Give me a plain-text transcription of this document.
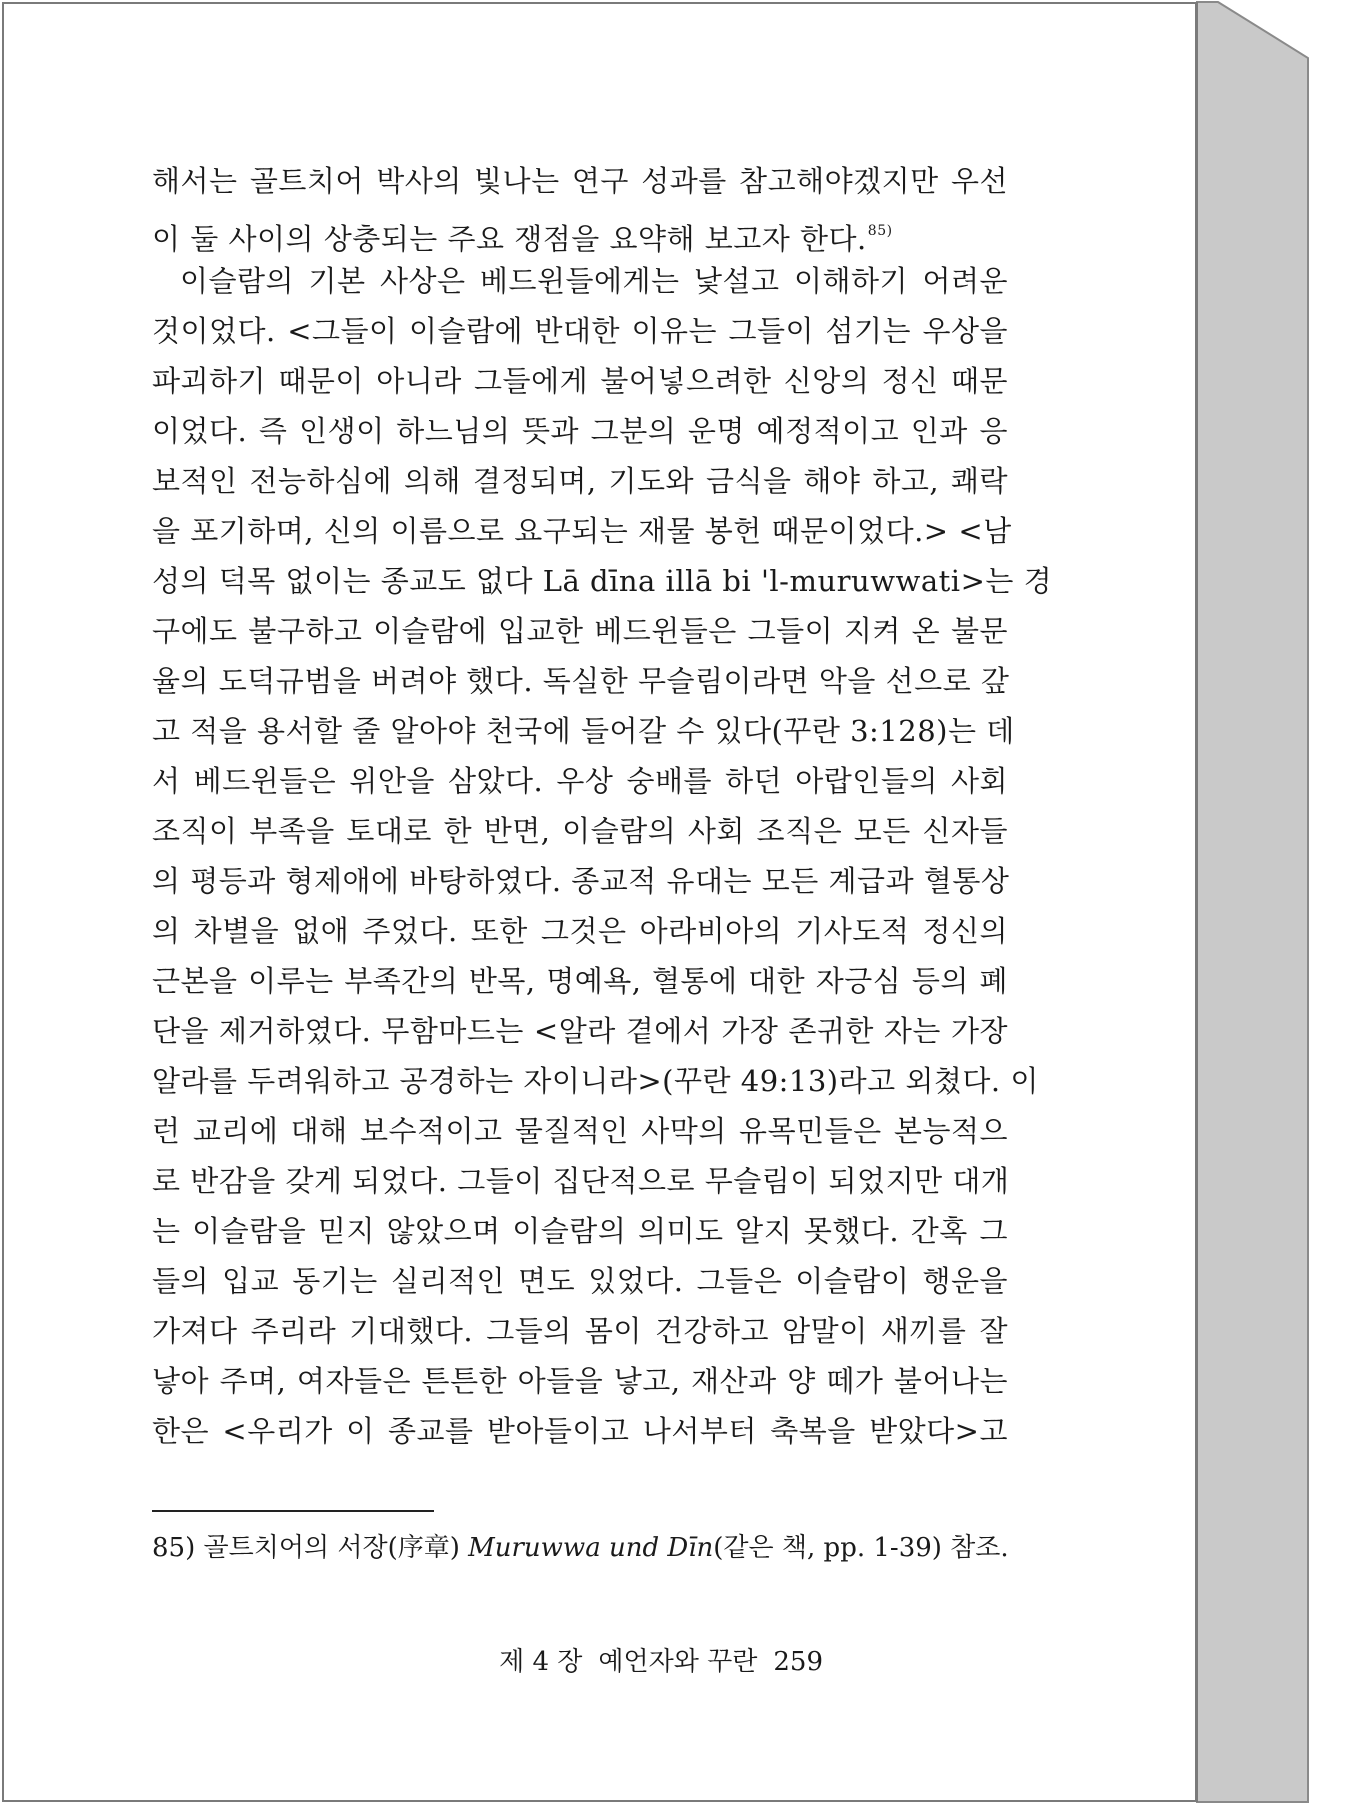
해서는 골트치어 박사의 빛나는 연구 성과를 참고해야겠지만 우선
이 둘 사이의 상충되는 주요 쟁점을 요약해 보고자 한다.$^{85)}$
이슬람의 기본 사상은 베드윈들에게는 낯설고 이해하기 어려운
것이었다. <그들이 이슬람에 반대한 이유는 그들이 섬기는 우상을
파괴하기 때문이 아니라 그들에게 불어넣으려한 신앙의 정신 때문
이었다. 즉 인생이 하느님의 뜻과 그분의 운명 예정적이고 인과 응
보적인 전능하심에 의해 결정되며, 기도와 금식을 해야 하고, 쾌락
을 포기하며, 신의 이름으로 요구되는 재물 봉헌 때문이었다.> <남
성의 덕목 없이는 종교도 없다 Lā dīna illā bi 'l-muruwwati>는 경
구에도 불구하고 이슬람에 입교한 베드윈들은 그들이 지켜 온 불문
율의 도덕규범을 버려야 했다. 독실한 무슬림이라면 악을 선으로 갚
고 적을 용서할 줄 알아야 천국에 들어갈 수 있다(꾸란 3:128)는 데
서 베드윈들은 위안을 삼았다. 우상 숭배를 하던 아랍인들의 사회
조직이 부족을 토대로 한 반면, 이슬람의 사회 조직은 모든 신자들
의 평등과 형제애에 바탕하였다. 종교적 유대는 모든 계급과 혈통상
의 차별을 없애 주었다. 또한 그것은 아라비아의 기사도적 정신의
근본을 이루는 부족간의 반목, 명예욕, 혈통에 대한 자긍심 등의 폐
단을 제거하였다. 무함마드는 <알라 곁에서 가장 존귀한 자는 가장
알라를 두려워하고 공경하는 자이니라>(꾸란 49:13)라고 외쳤다. 이
런 교리에 대해 보수적이고 물질적인 사막의 유목민들은 본능적으
로 반감을 갖게 되었다. 그들이 집단적으로 무슬림이 되었지만 대개
는 이슬람을 믿지 않았으며 이슬람의 의미도 알지 못했다. 간혹 그
들의 입교 동기는 실리적인 면도 있었다. 그들은 이슬람이 행운을
가져다 주리라 기대했다. 그들의 몸이 건강하고 암말이 새끼를 잘
낳아 주며, 여자들은 튼튼한 아들을 낳고, 재산과 양 떼가 불어나는
한은 <우리가 이 종교를 받아들이고 나서부터 축복을 받았다>고
85) 골트치어의 서장(序章) Muruwwa und Dīn(같은 책, pp. 1-39) 참조.
제 4 장 예언자와 꾸란 259
